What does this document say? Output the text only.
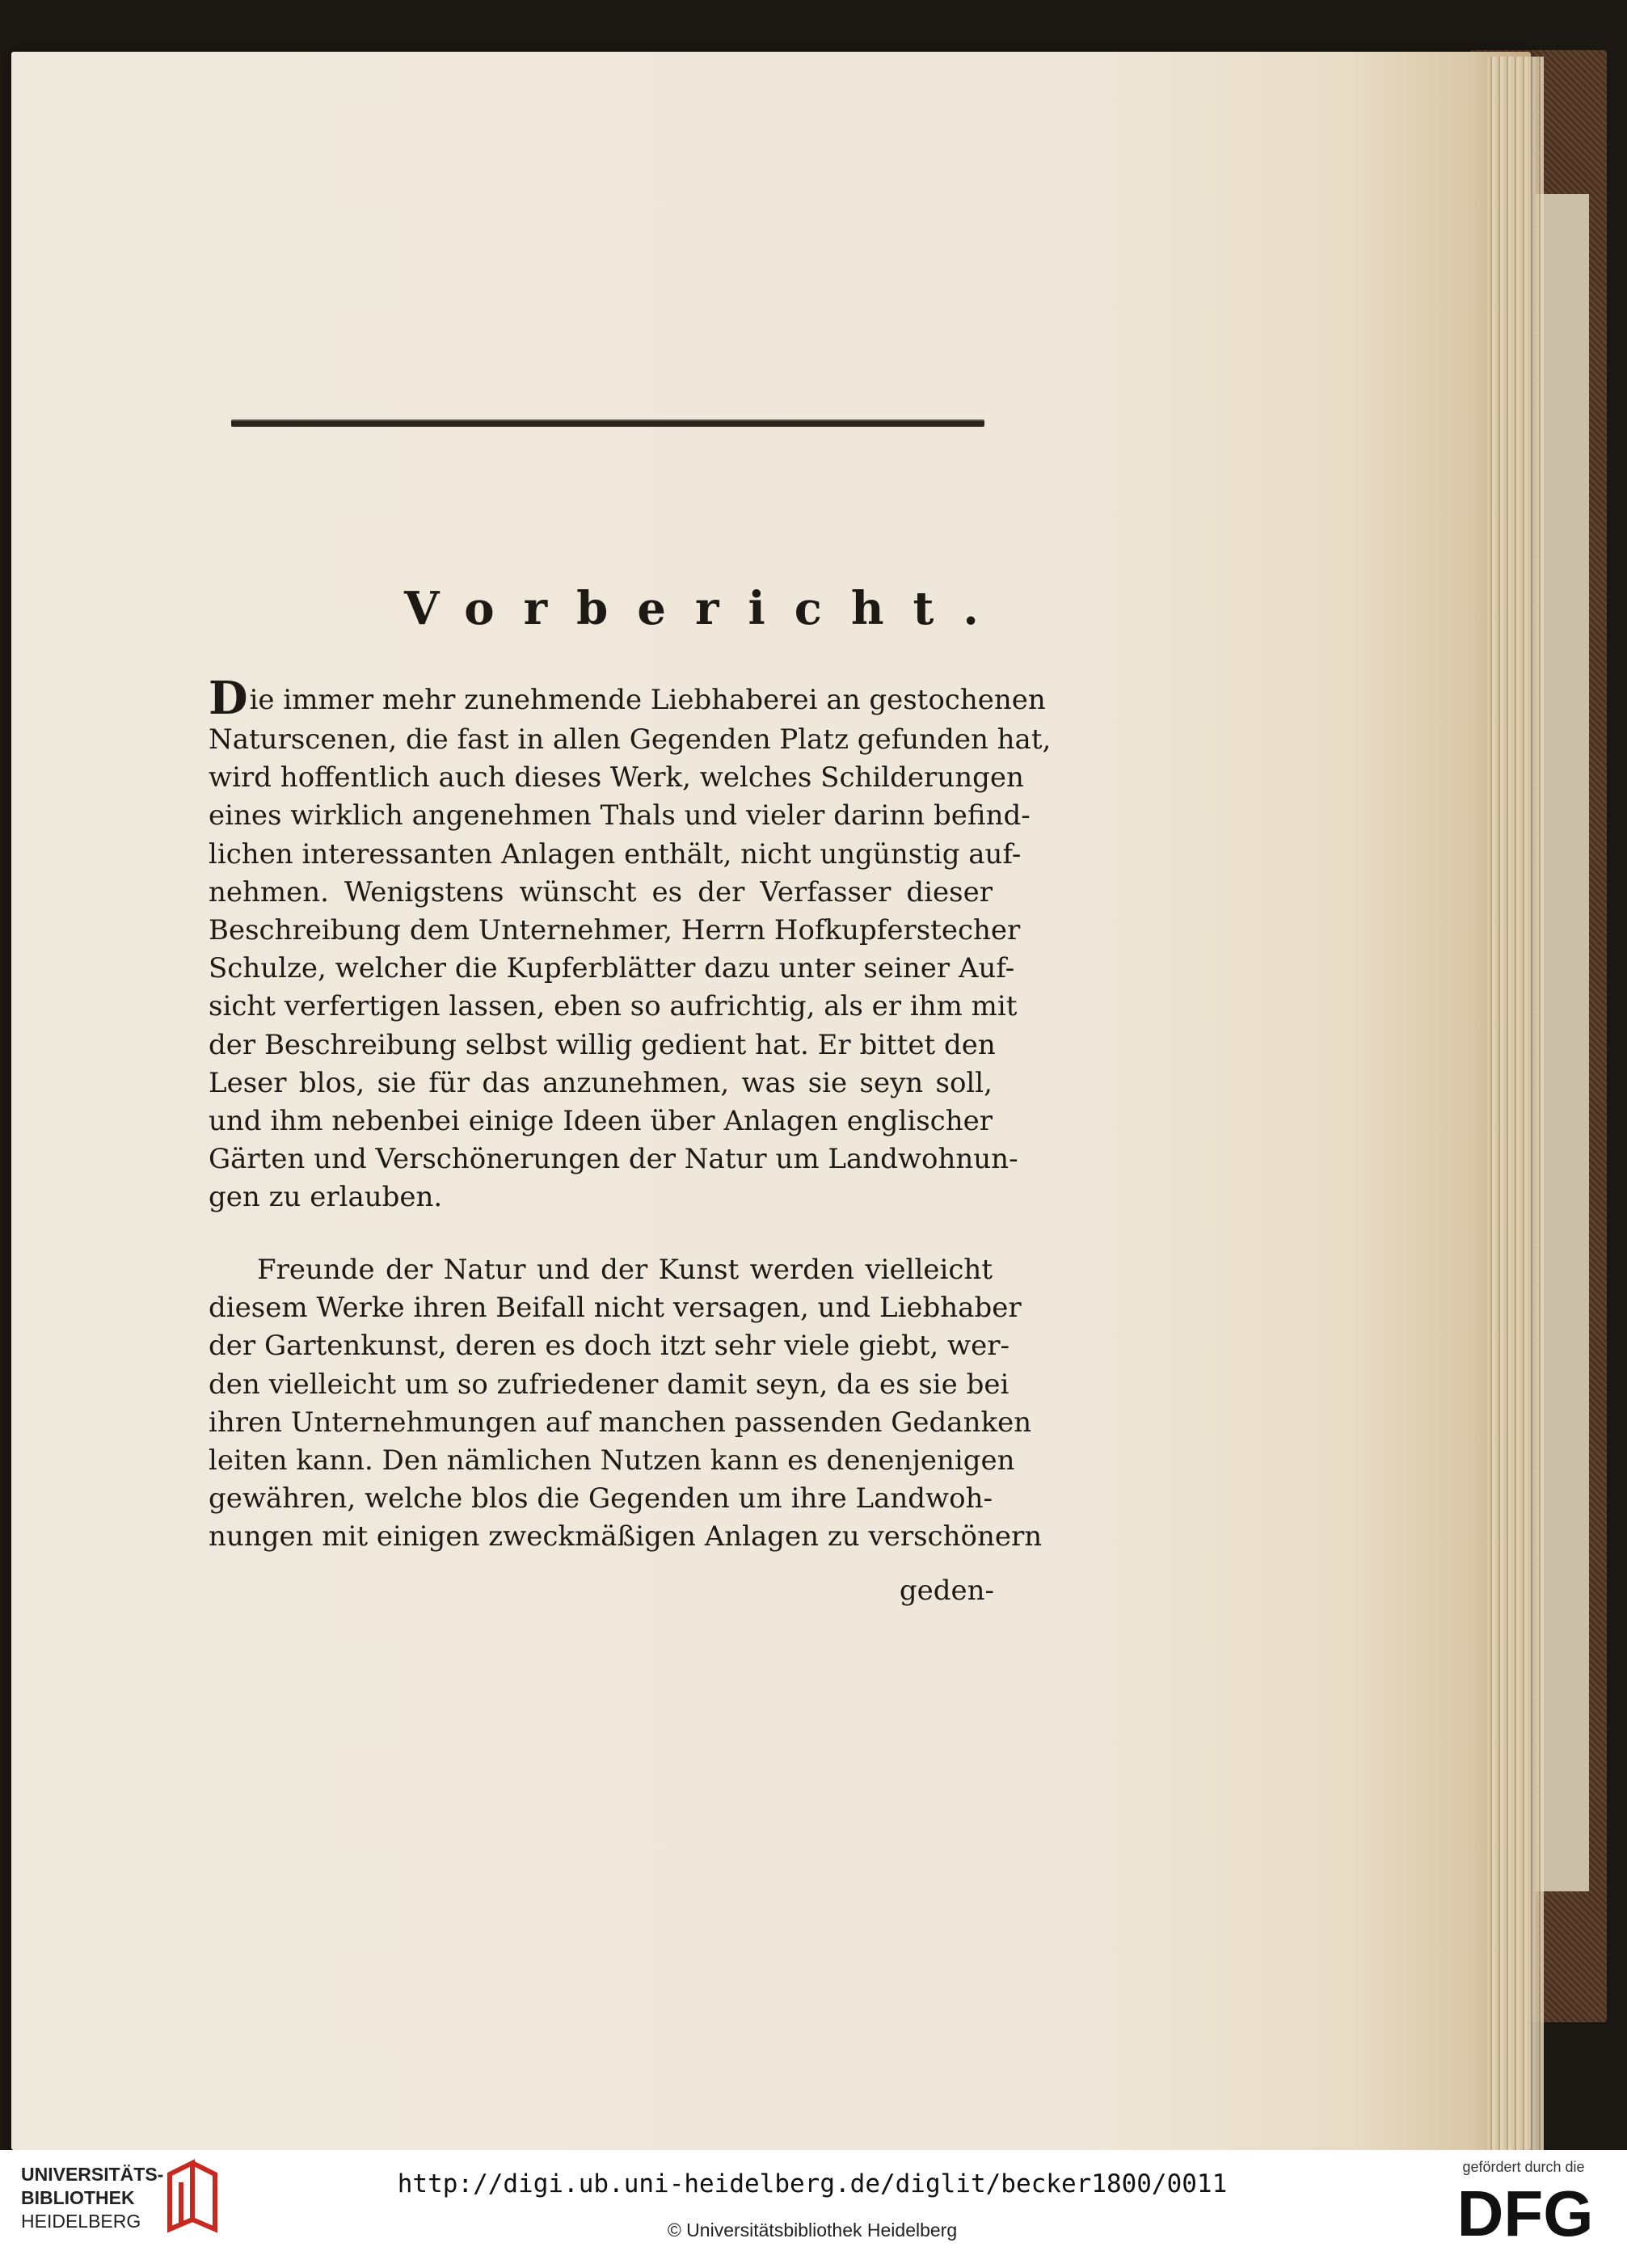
Vorbericht.
Die immer mehr zunehmende Liebhaberei an gestochenen
Naturscenen, die fast in allen Gegenden Platz gefunden hat,
wird hoffentlich auch dieses Werk, welches Schilderungen
eines wirklich angenehmen Thals und vieler darinn befind-
lichen interessanten Anlagen enthält, nicht ungünstig auf-
nehmen. Wenigstens wünscht es der Verfasser dieser
Beschreibung dem Unternehmer, Herrn Hofkupferstecher
Schulze, welcher die Kupferblätter dazu unter seiner Auf-
sicht verfertigen lassen, eben so aufrichtig, als er ihm mit
der Beschreibung selbst willig gedient hat. Er bittet den
Leser blos, sie für das anzunehmen, was sie seyn soll,
und ihm nebenbei einige Ideen über Anlagen englischer
Gärten und Verschönerungen der Natur um Landwohnun-
gen zu erlauben.
Freunde der Natur und der Kunst werden vielleicht
diesem Werke ihren Beifall nicht versagen, und Liebhaber
der Gartenkunst, deren es doch itzt sehr viele giebt, wer-
den vielleicht um so zufriedener damit seyn, da es sie bei
ihren Unternehmungen auf manchen passenden Gedanken
leiten kann. Den nämlichen Nutzen kann es denenjenigen
gewähren, welche blos die Gegenden um ihre Landwoh-
nungen mit einigen zweckmäßigen Anlagen zu verschönern
geden-
UNIVERSITÄTS-
BIBLIOTHEK
HEIDELBERG
http://digi.ub.uni-heidelberg.de/diglit/becker1800/0011
© Universitätsbibliothek Heidelberg
gefördert durch die
DFG
